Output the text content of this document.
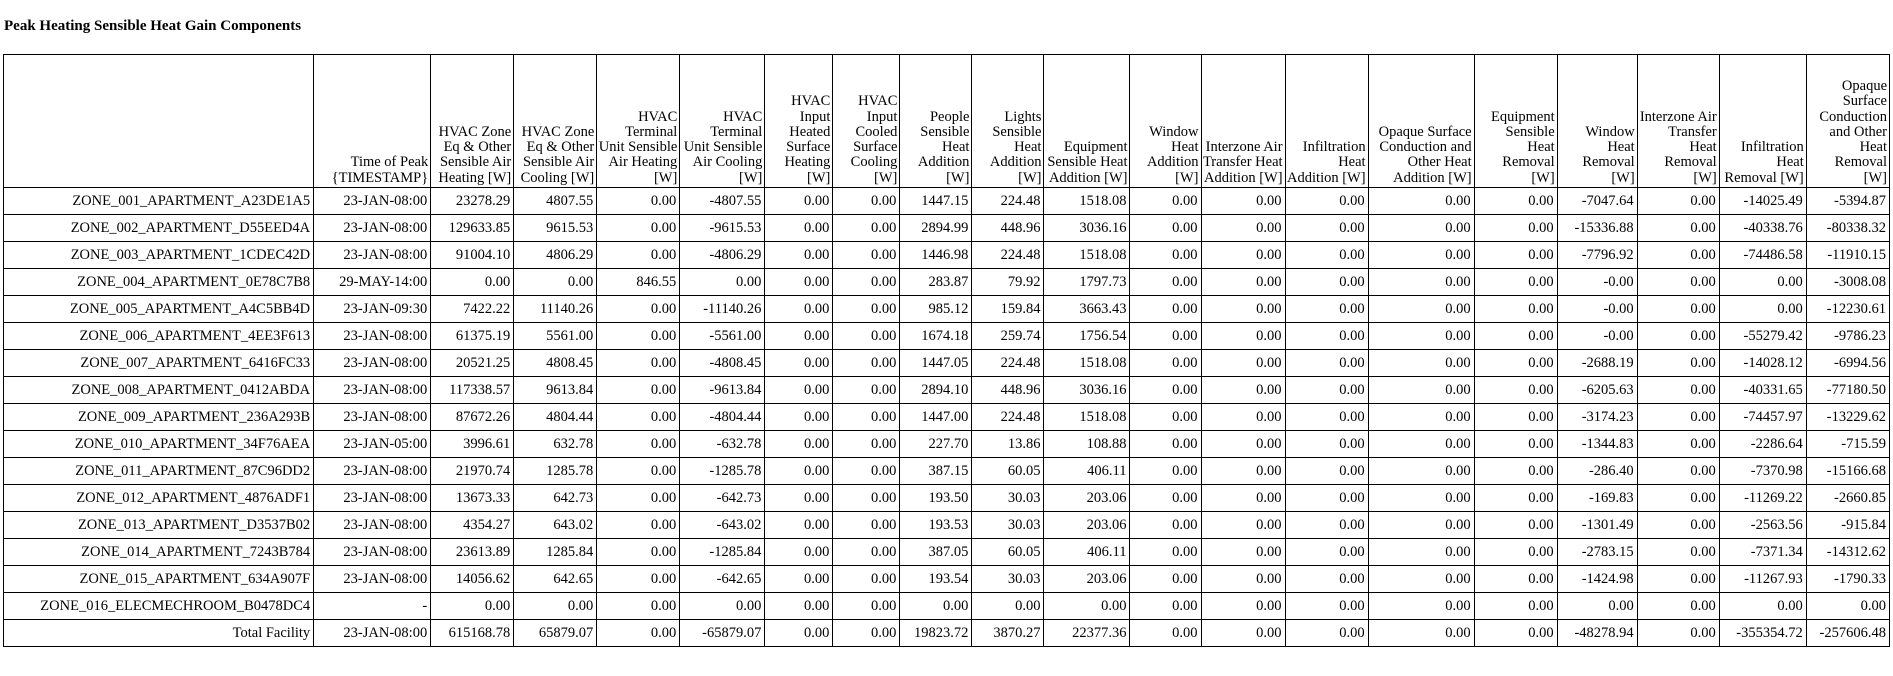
Peak Heating Sensible Heat Gain Components
	Time of Peak {TIMESTAMP}	HVAC Zone Eq & Other Sensible Air Heating [W]	HVAC Zone Eq & Other Sensible Air Cooling [W]	HVAC Terminal Unit Sensible Air Heating [W]	HVAC Terminal Unit Sensible Air Cooling [W]	HVAC Input Heated Surface Heating [W]	HVAC Input Cooled Surface Cooling [W]	People Sensible Heat Addition [W]	Lights Sensible Heat Addition [W]	Equipment Sensible Heat Addition [W]	Window Heat Addition [W]	Interzone Air Transfer Heat Addition [W]	Infiltration Heat Addition [W]	Opaque Surface Conduction and Other Heat Addition [W]	Equipment Sensible Heat Removal [W]	Window Heat Removal [W]	Interzone Air Transfer Heat Removal [W]	Infiltration Heat Removal [W]	Opaque Surface Conduction and Other Heat Removal [W]
ZONE_001_APARTMENT_A23DE1A5	23-JAN-08:00	23278.29	4807.55	0.00	-4807.55	0.00	0.00	1447.15	224.48	1518.08	0.00	0.00	0.00	0.00	0.00	-7047.64	0.00	-14025.49	-5394.87
ZONE_002_APARTMENT_D55EED4A	23-JAN-08:00	129633.85	9615.53	0.00	-9615.53	0.00	0.00	2894.99	448.96	3036.16	0.00	0.00	0.00	0.00	0.00	-15336.88	0.00	-40338.76	-80338.32
ZONE_003_APARTMENT_1CDEC42D	23-JAN-08:00	91004.10	4806.29	0.00	-4806.29	0.00	0.00	1446.98	224.48	1518.08	0.00	0.00	0.00	0.00	0.00	-7796.92	0.00	-74486.58	-11910.15
ZONE_004_APARTMENT_0E78C7B8	29-MAY-14:00	0.00	0.00	846.55	0.00	0.00	0.00	283.87	79.92	1797.73	0.00	0.00	0.00	0.00	0.00	-0.00	0.00	0.00	-3008.08
ZONE_005_APARTMENT_A4C5BB4D	23-JAN-09:30	7422.22	11140.26	0.00	-11140.26	0.00	0.00	985.12	159.84	3663.43	0.00	0.00	0.00	0.00	0.00	-0.00	0.00	0.00	-12230.61
ZONE_006_APARTMENT_4EE3F613	23-JAN-08:00	61375.19	5561.00	0.00	-5561.00	0.00	0.00	1674.18	259.74	1756.54	0.00	0.00	0.00	0.00	0.00	-0.00	0.00	-55279.42	-9786.23
ZONE_007_APARTMENT_6416FC33	23-JAN-08:00	20521.25	4808.45	0.00	-4808.45	0.00	0.00	1447.05	224.48	1518.08	0.00	0.00	0.00	0.00	0.00	-2688.19	0.00	-14028.12	-6994.56
ZONE_008_APARTMENT_0412ABDA	23-JAN-08:00	117338.57	9613.84	0.00	-9613.84	0.00	0.00	2894.10	448.96	3036.16	0.00	0.00	0.00	0.00	0.00	-6205.63	0.00	-40331.65	-77180.50
ZONE_009_APARTMENT_236A293B	23-JAN-08:00	87672.26	4804.44	0.00	-4804.44	0.00	0.00	1447.00	224.48	1518.08	0.00	0.00	0.00	0.00	0.00	-3174.23	0.00	-74457.97	-13229.62
ZONE_010_APARTMENT_34F76AEA	23-JAN-05:00	3996.61	632.78	0.00	-632.78	0.00	0.00	227.70	13.86	108.88	0.00	0.00	0.00	0.00	0.00	-1344.83	0.00	-2286.64	-715.59
ZONE_011_APARTMENT_87C96DD2	23-JAN-08:00	21970.74	1285.78	0.00	-1285.78	0.00	0.00	387.15	60.05	406.11	0.00	0.00	0.00	0.00	0.00	-286.40	0.00	-7370.98	-15166.68
ZONE_012_APARTMENT_4876ADF1	23-JAN-08:00	13673.33	642.73	0.00	-642.73	0.00	0.00	193.50	30.03	203.06	0.00	0.00	0.00	0.00	0.00	-169.83	0.00	-11269.22	-2660.85
ZONE_013_APARTMENT_D3537B02	23-JAN-08:00	4354.27	643.02	0.00	-643.02	0.00	0.00	193.53	30.03	203.06	0.00	0.00	0.00	0.00	0.00	-1301.49	0.00	-2563.56	-915.84
ZONE_014_APARTMENT_7243B784	23-JAN-08:00	23613.89	1285.84	0.00	-1285.84	0.00	0.00	387.05	60.05	406.11	0.00	0.00	0.00	0.00	0.00	-2783.15	0.00	-7371.34	-14312.62
ZONE_015_APARTMENT_634A907F	23-JAN-08:00	14056.62	642.65	0.00	-642.65	0.00	0.00	193.54	30.03	203.06	0.00	0.00	0.00	0.00	0.00	-1424.98	0.00	-11267.93	-1790.33
ZONE_016_ELECMECHROOM_B0478DC4	-	0.00	0.00	0.00	0.00	0.00	0.00	0.00	0.00	0.00	0.00	0.00	0.00	0.00	0.00	0.00	0.00	0.00	0.00
Total Facility	23-JAN-08:00	615168.78	65879.07	0.00	-65879.07	0.00	0.00	19823.72	3870.27	22377.36	0.00	0.00	0.00	0.00	0.00	-48278.94	0.00	-355354.72	-257606.48
